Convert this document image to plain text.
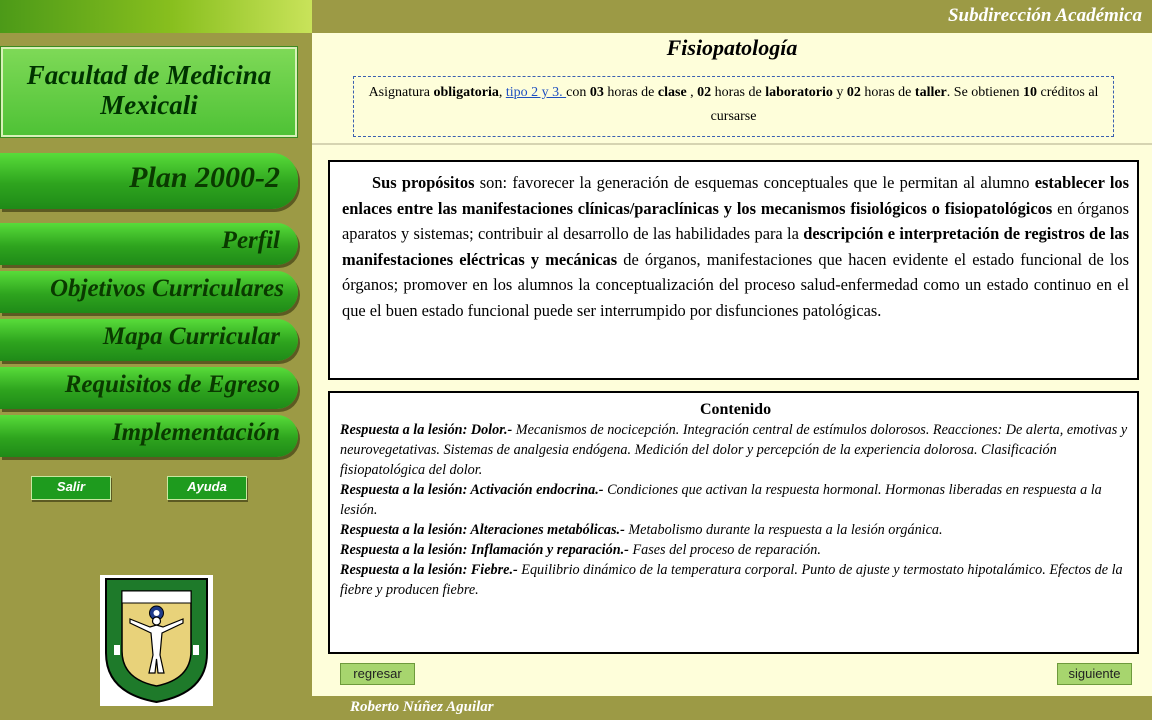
Subdirección Académica
Facultad de Medicina
Mexicali
Plan 2000-2
Perfil
Objetivos Curriculares
Mapa Curricular
Requisitos de Egreso
Implementación
Salir	Ayuda
Fisiopatología
Asignatura obligatoria, tipo 2 y 3. con 03 horas de clase , 02 horas de laboratorio y 02 horas de taller. Se obtienen 10 créditos al cursarse
Sus propósitos son: favorecer la generación de esquemas conceptuales que le permitan al alumno establecer los enlaces entre las manifestaciones clínicas/paraclínicas y los mecanismos fisiológicos o fisiopatológicos en órganos aparatos y sistemas; contribuir al desarrollo de las habilidades para la descripción e interpretación de registros de las manifestaciones eléctricas y mecánicas de órganos, manifestaciones que hacen evidente el estado funcional de los órganos; promover en los alumnos la conceptualización del proceso salud-enfermedad como un estado continuo en el que el buen estado funcional puede ser interrumpido por disfunciones patológicas.
Contenido
Respuesta a la lesión: Dolor.- Mecanismos de nocicepción. Integración central de estímulos dolorosos. Reacciones: De alerta, emotivas y neurovegetativas. Sistemas de analgesia endógena. Medición del dolor y percepción de la experiencia dolorosa. Clasificación fisiopatológica del dolor.
Respuesta a la lesión: Activación endocrina.- Condiciones que activan la respuesta hormonal. Hormonas liberadas en respuesta a la lesión.
Respuesta a la lesión: Alteraciones metabólicas.- Metabolismo durante la respuesta a la lesión orgánica.
Respuesta a la lesión: Inflamación y reparación.- Fases del proceso de reparación.
Respuesta a la lesión: Fiebre.- Equilibrio dinámico de la temperatura corporal. Punto de ajuste y termostato hipotalámico. Efectos de la fiebre y producen fiebre.
regresar	siguiente
Roberto Núñez Aguilar
